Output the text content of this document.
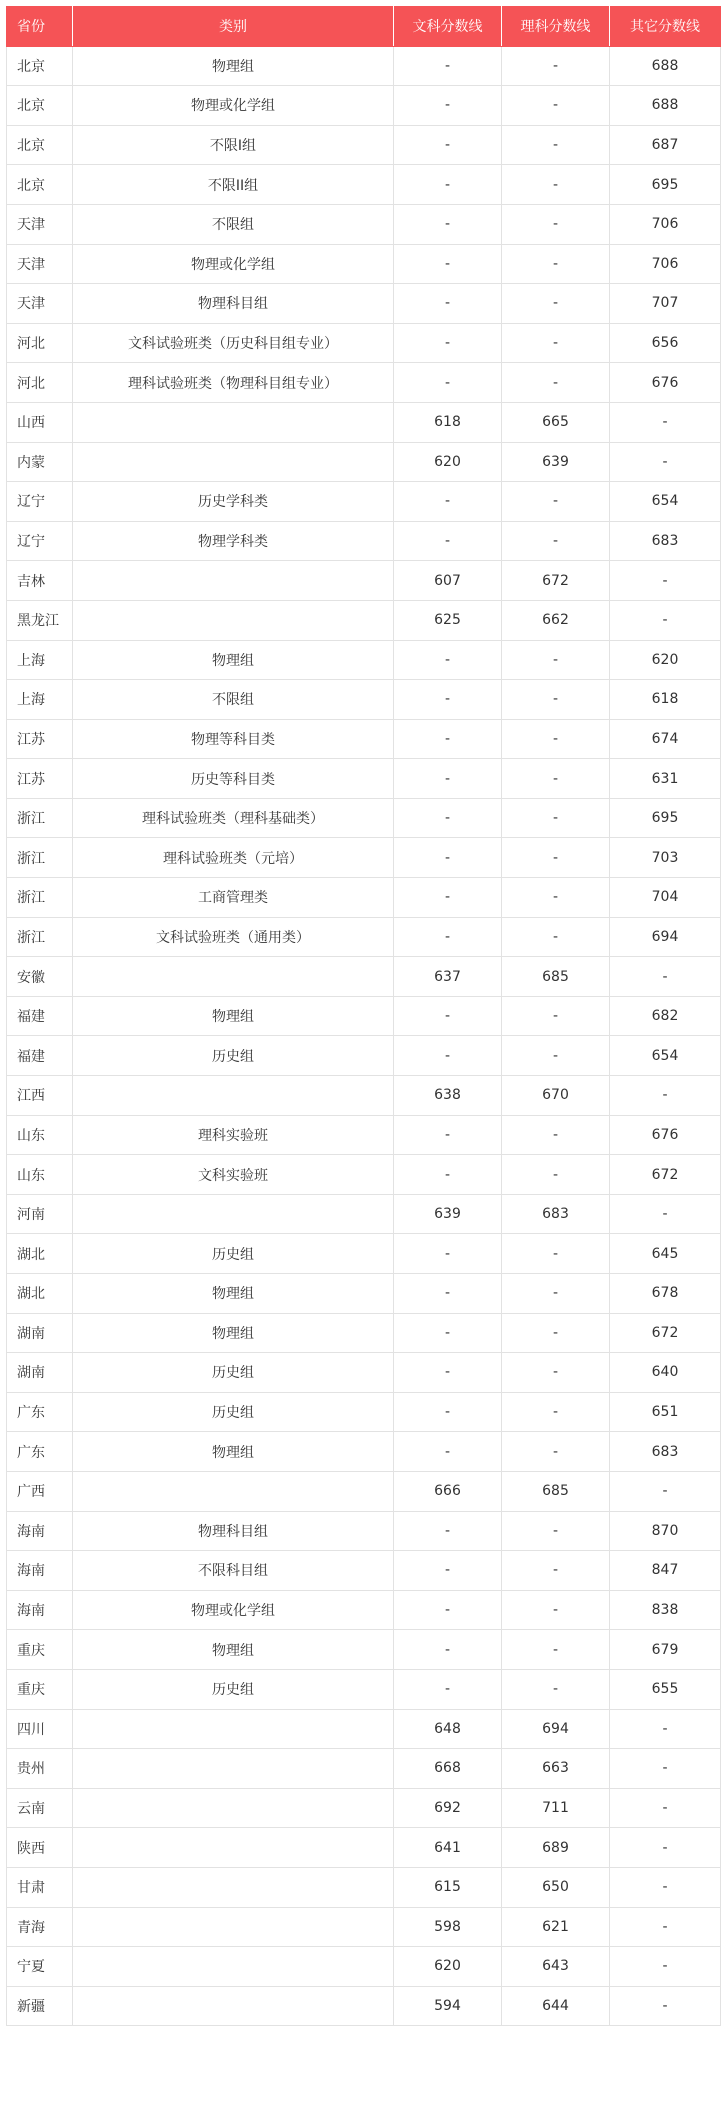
省份	类别	文科分数线	理科分数线	其它分数线
北京	物理组	-	-	688
北京	物理或化学组	-	-	688
北京	不限I组	-	-	687
北京	不限II组	-	-	695
天津	不限组	-	-	706
天津	物理或化学组	-	-	706
天津	物理科目组	-	-	707
河北	文科试验班类（历史科目组专业）	-	-	656
河北	理科试验班类（物理科目组专业）	-	-	676
山西		618	665	-
内蒙		620	639	-
辽宁	历史学科类	-	-	654
辽宁	物理学科类	-	-	683
吉林		607	672	-
黑龙江		625	662	-
上海	物理组	-	-	620
上海	不限组	-	-	618
江苏	物理等科目类	-	-	674
江苏	历史等科目类	-	-	631
浙江	理科试验班类（理科基础类）	-	-	695
浙江	理科试验班类（元培）	-	-	703
浙江	工商管理类	-	-	704
浙江	文科试验班类（通用类）	-	-	694
安徽		637	685	-
福建	物理组	-	-	682
福建	历史组	-	-	654
江西		638	670	-
山东	理科实验班	-	-	676
山东	文科实验班	-	-	672
河南		639	683	-
湖北	历史组	-	-	645
湖北	物理组	-	-	678
湖南	物理组	-	-	672
湖南	历史组	-	-	640
广东	历史组	-	-	651
广东	物理组	-	-	683
广西		666	685	-
海南	物理科目组	-	-	870
海南	不限科目组	-	-	847
海南	物理或化学组	-	-	838
重庆	物理组	-	-	679
重庆	历史组	-	-	655
四川		648	694	-
贵州		668	663	-
云南		692	711	-
陕西		641	689	-
甘肃		615	650	-
青海		598	621	-
宁夏		620	643	-
新疆		594	644	-
